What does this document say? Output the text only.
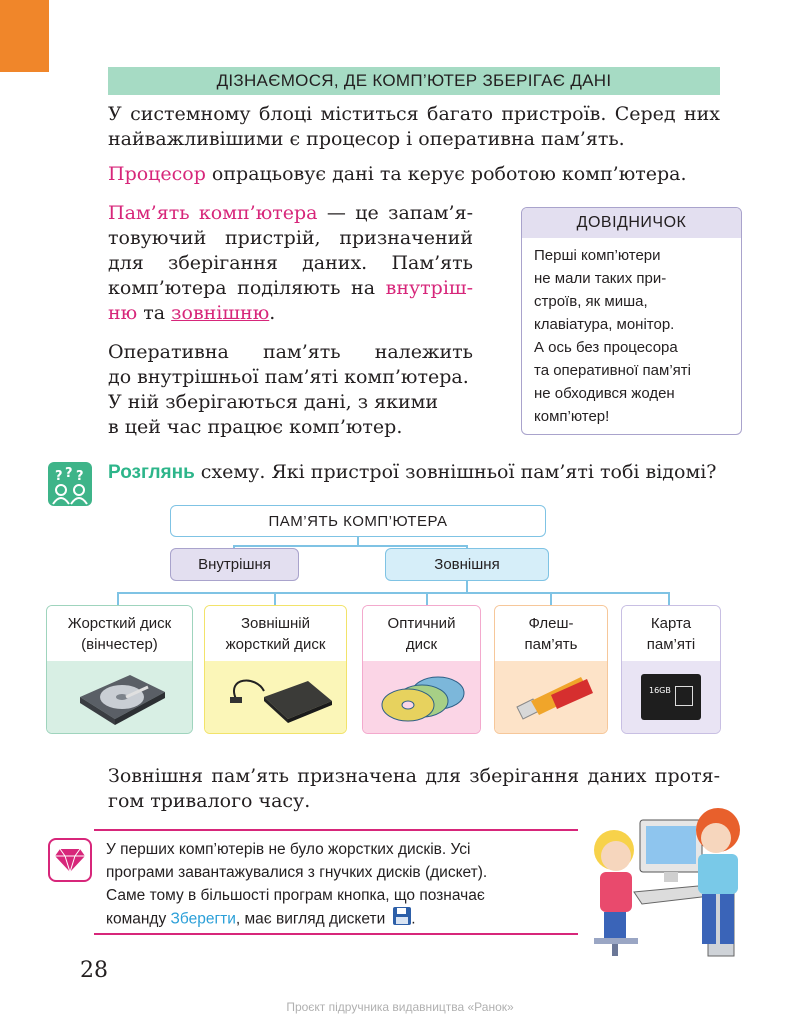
ДІЗНАЄМОСЯ, ДЕ КОМП’ЮТЕР ЗБЕРІГАЄ ДАНІ
У системному блоці міститься багато пристроїв. Серед них
найважливішими є процесор і оперативна пам’ять.
Процесор опрацьовує дані та керує роботою комп’ютера.
Пам’ять комп’ютера — це запам’я-
товуючий пристрій, призначений
для зберігання даних. Пам’ять
комп’ютера поділяють на внутріш-
ню та зовнішню.
Оперативна пам’ять належить
до внутрішньої пам’яті комп’ютера.
У ній зберігаються дані, з якими
в цей час працює комп’ютер.
ДОВІДНИЧОК
Перші комп’ютери
не мали таких при-
строїв, як миша,
клавіатура, монітор.
А ось без процесора
та оперативної пам’яті
не обходився жоден
комп’ютер!
? ? ? Розглянь схему. Які пристрої зовнішньої пам’яті тобі відомі?
ПАМ’ЯТЬ КОМП’ЮТЕРА
Внутрішня	Зовнішня
Жорсткий диск
(вінчестер)
Зовнішній
жорсткий диск
Оптичний
диск
Флеш-
пам’ять
Карта
пам’яті
16GB
Зовнішня пам’ять призначена для зберігання даних протя-
гом тривалого часу.
У перших комп’ютерів не було жорстких дисків. Усі
програми завантажувалися з гнучких дисків (дискет).
Саме тому в більшості програм кнопка, що позначає
команду Зберегти, має вигляд дискети .
28
Проєкт підручника видавництва «Ранок»
